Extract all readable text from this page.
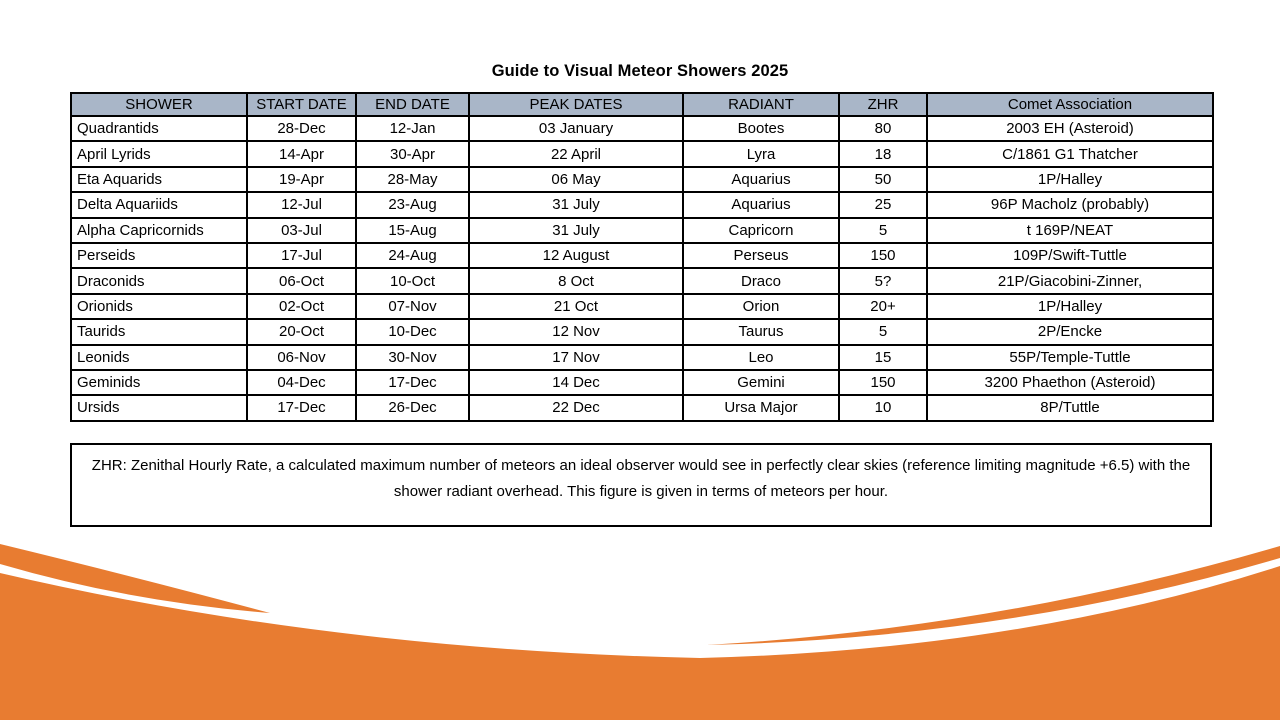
Guide to Visual Meteor Showers 2025
SHOWER	START DATE	END DATE	PEAK DATES	RADIANT	ZHR	Comet Association
Quadrantids	28-Dec	12-Jan	03 January	Bootes	80	2003 EH (Asteroid)
April Lyrids	14-Apr	30-Apr	22 April	Lyra	18	C/1861 G1 Thatcher
Eta Aquarids	19-Apr	28-May	06 May	Aquarius	50	1P/Halley
Delta Aquariids	12-Jul	23-Aug	31 July	Aquarius	25	96P Macholz (probably)
Alpha Capricornids	03-Jul	15-Aug	31 July	Capricorn	5	t 169P/NEAT
Perseids	17-Jul	24-Aug	12 August	Perseus	150	109P/Swift-Tuttle
Draconids	06-Oct	10-Oct	8 Oct	Draco	5?	21P/Giacobini-Zinner,
Orionids	02-Oct	07-Nov	21 Oct	Orion	20+	1P/Halley
Taurids	20-Oct	10-Dec	12 Nov	Taurus	5	2P/Encke
Leonids	06-Nov	30-Nov	17 Nov	Leo	15	55P/Temple-Tuttle
Geminids	04-Dec	17-Dec	14 Dec	Gemini	150	3200 Phaethon (Asteroid)
Ursids	17-Dec	26-Dec	22 Dec	Ursa Major	10	8P/Tuttle
ZHR: Zenithal Hourly Rate, a calculated maximum number of meteors an ideal observer would see in perfectly clear skies (reference limiting magnitude +6.5) with the shower radiant overhead. This figure is given in terms of meteors per hour.
